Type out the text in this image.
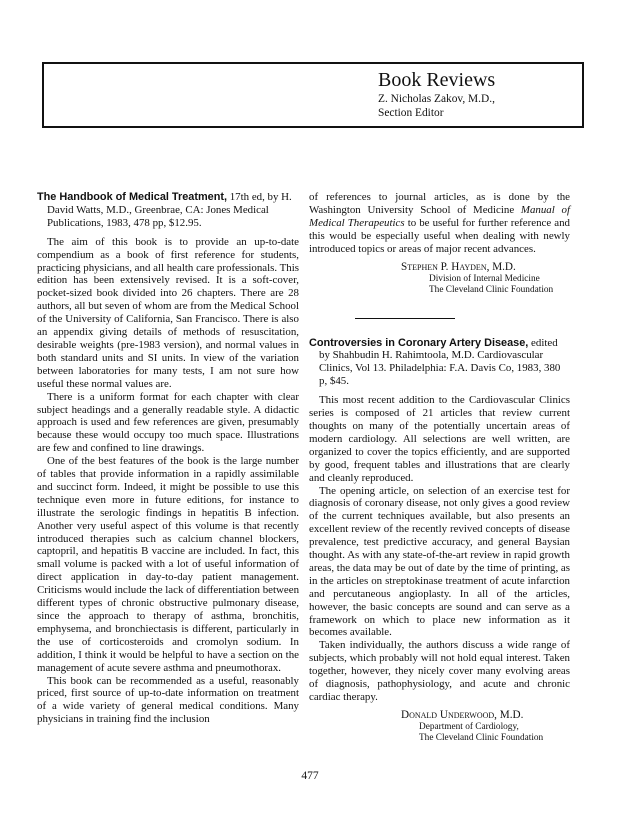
Book Reviews
Z. Nicholas Zakov, M.D.,
Section Editor

The Handbook of Medical Treatment, 17th ed, by H. David Watts, M.D., Greenbrae, CA: Jones Medical Publications, 1983, 478 pp, $12.95.

The aim of this book is to provide an up-to-date compendium as a book of first reference for students, practicing physicians, and all health care professionals. This edition has been extensively revised. It is a soft-cover, pocket-sized book divided into 26 chapters. There are 28 authors, all but seven of whom are from the Medical School of the University of California, San Francisco. There is also an appendix giving details of methods of resuscitation, desirable weights (pre-1983 version), and normal values in both standard units and SI units. In view of the variation between laboratories for many tests, I am not sure how useful these normal values are.

There is a uniform format for each chapter with clear subject headings and a generally readable style. A didactic approach is used and few references are given, presumably because these would occupy too much space. Illustrations are few and confined to line drawings.

One of the best features of the book is the large number of tables that provide information in a rapidly assimilable and succinct form. Indeed, it might be possible to use this technique even more in future editions, for instance to illustrate the serologic findings in hepatitis B infection. Another very useful aspect of this volume is that recently introduced therapies such as calcium channel blockers, captopril, and hepatitis B vaccine are included. In fact, this small volume is packed with a lot of useful information of direct application in day-to-day patient management. Criticisms would include the lack of differentiation between different types of chronic obstructive pulmonary disease, since the approach to therapy of asthma, bronchitis, emphysema, and bronchiectasis is different, particularly in the use of corticosteroids and cromolyn sodium. In addition, I think it would be helpful to have a section on the management of acute severe asthma and pneumothorax.

This book can be recommended as a useful, reasonably priced, first source of up-to-date information on treatment of a wide variety of general medical conditions. Many physicians in training find the inclusion

of references to journal articles, as is done by the Washington University School of Medicine Manual of Medical Therapeutics to be useful for further reference and this would be especially useful when dealing with newly introduced topics or areas of major recent advances.

Stephen P. Hayden, M.D.
Division of Internal Medicine
The Cleveland Clinic Foundation

Controversies in Coronary Artery Disease, edited by Shahbudin H. Rahimtoola, M.D. Cardiovascular Clinics, Vol 13. Philadelphia: F.A. Davis Co, 1983, 380 p, $45.

This most recent addition to the Cardiovascular Clinics series is composed of 21 articles that review current thoughts on many of the potentially uncertain areas of modern cardiology. All selections are well written, are organized to cover the topics efficiently, and are supported by good, frequent tables and illustrations that are clearly and cleanly reproduced.

The opening article, on selection of an exercise test for diagnosis of coronary disease, not only gives a good review of the current techniques available, but also presents an excellent review of the recently revived concepts of disease prevalence, test predictive accuracy, and general Baysian thought. As with any state-of-the-art review in rapid growth areas, the data may be out of date by the time of printing, as in the articles on streptokinase treatment of acute infarction and percutaneous angioplasty. In all of the articles, however, the basic concepts are sound and can serve as a framework on which to place new information as it becomes available.

Taken individually, the authors discuss a wide range of subjects, which probably will not hold equal interest. Taken together, however, they nicely cover many evolving areas of diagnosis, pathophysiology, and acute and chronic cardiac therapy.

Donald Underwood, M.D.
Department of Cardiology,
The Cleveland Clinic Foundation
477
